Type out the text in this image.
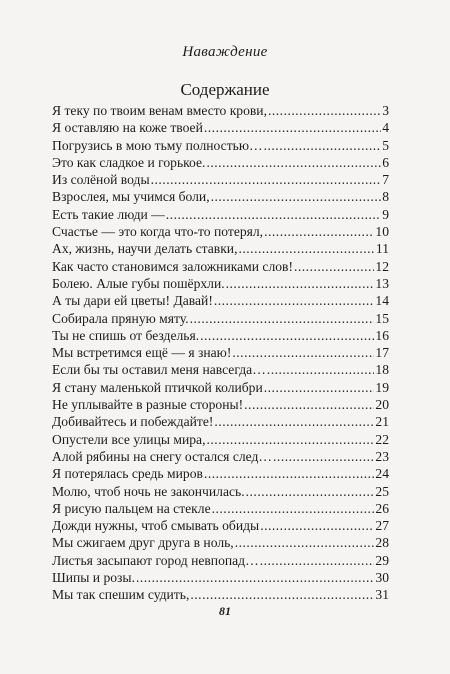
Наваждение
Содержание
Я теку по твоим венам вместо крови, .....	3
Я оставляю на коже твоей .....	4
Погрузись в мою тьму полностью… .....	5
Это как сладкое и горькое. .....	6
Из солёной воды .....	7
Взрослея, мы учимся боли, .....	8
Есть такие люди — .....	9
Счастье — это когда что-то потерял, .....	10
Ах, жизнь, научи делать ставки, .....	11
Как часто становимся заложниками слов! .....	12
Болею. Алые губы пошёрхли. .....	13
А ты дари ей цветы! Давай! .....	14
Собирала пряную мяту. .....	15
Ты не спишь от безделья. .....	16
Мы встретимся ещё — я знаю! .....	17
Если бы ты оставил меня навсегда… .....	18
Я стану маленькой птичкой колибри .....	19
Не уплывайте в разные стороны! .....	20
Добивайтесь и побеждайте! .....	21
Опустели все улицы мира, .....	22
Алой рябины на снегу остался след… .....	23
Я потерялась средь миров .....	24
Молю, чтоб ночь не закончилась. .....	25
Я рисую пальцем на стекле .....	26
Дожди нужны, чтоб смывать обиды .....	27
Мы сжигаем друг друга в ноль, .....	28
Листья засыпают город невпопад… .....	29
Шипы и розы. .....	30
Мы так спешим судить, .....	31
81
